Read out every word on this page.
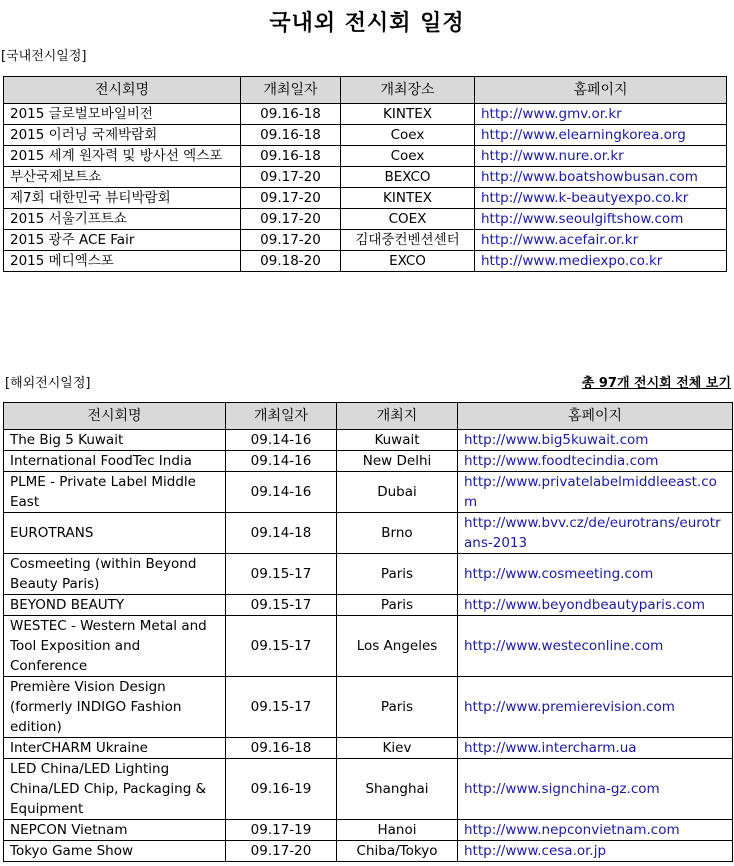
국내외 전시회 일정
[국내전시일정]
전시회명	개최일자	개최장소	홈페이지
2015 글로벌모바일비전	09.16-18	KINTEX	http://www.gmv.or.kr
2015 이러닝 국제박람회	09.16-18	Coex	http://www.elearningkorea.org
2015 세계 원자력 및 방사선 엑스포	09.16-18	Coex	http://www.nure.or.kr
부산국제보트쇼	09.17-20	BEXCO	http://www.boatshowbusan.com
제7회 대한민국 뷰티박람회	09.17-20	KINTEX	http://www.k-beautyexpo.co.kr
2015 서울기프트쇼	09.17-20	COEX	http://www.seoulgiftshow.com
2015 광주 ACE Fair	09.17-20	김대중컨벤션센터	http://www.acefair.or.kr
2015 메디엑스포	09.18-20	EXCO	http://www.mediexpo.co.kr
[해외전시일정]	총 97개 전시회 전체 보기
전시회명	개최일자	개최지	홈페이지
The Big 5 Kuwait	09.14-16	Kuwait	http://www.big5kuwait.com
International FoodTec India	09.14-16	New Delhi	http://www.foodtecindia.com
PLME - Private Label Middle East	09.14-16	Dubai	http://www.privatelabelmiddleeast.com
EUROTRANS	09.14-18	Brno	http://www.bvv.cz/de/eurotrans/eurotrans-2013
Cosmeeting (within Beyond Beauty Paris)	09.15-17	Paris	http://www.cosmeeting.com
BEYOND BEAUTY	09.15-17	Paris	http://www.beyondbeautyparis.com
WESTEC - Western Metal and Tool Exposition and Conference	09.15-17	Los Angeles	http://www.westeconline.com
Première Vision Design (formerly INDIGO Fashion edition)	09.15-17	Paris	http://www.premierevision.com
InterCHARM Ukraine	09.16-18	Kiev	http://www.intercharm.ua
LED China/LED Lighting China/LED Chip, Packaging & Equipment	09.16-19	Shanghai	http://www.signchina-gz.com
NEPCON Vietnam	09.17-19	Hanoi	http://www.nepconvietnam.com
Tokyo Game Show	09.17-20	Chiba/Tokyo	http://www.cesa.or.jp
